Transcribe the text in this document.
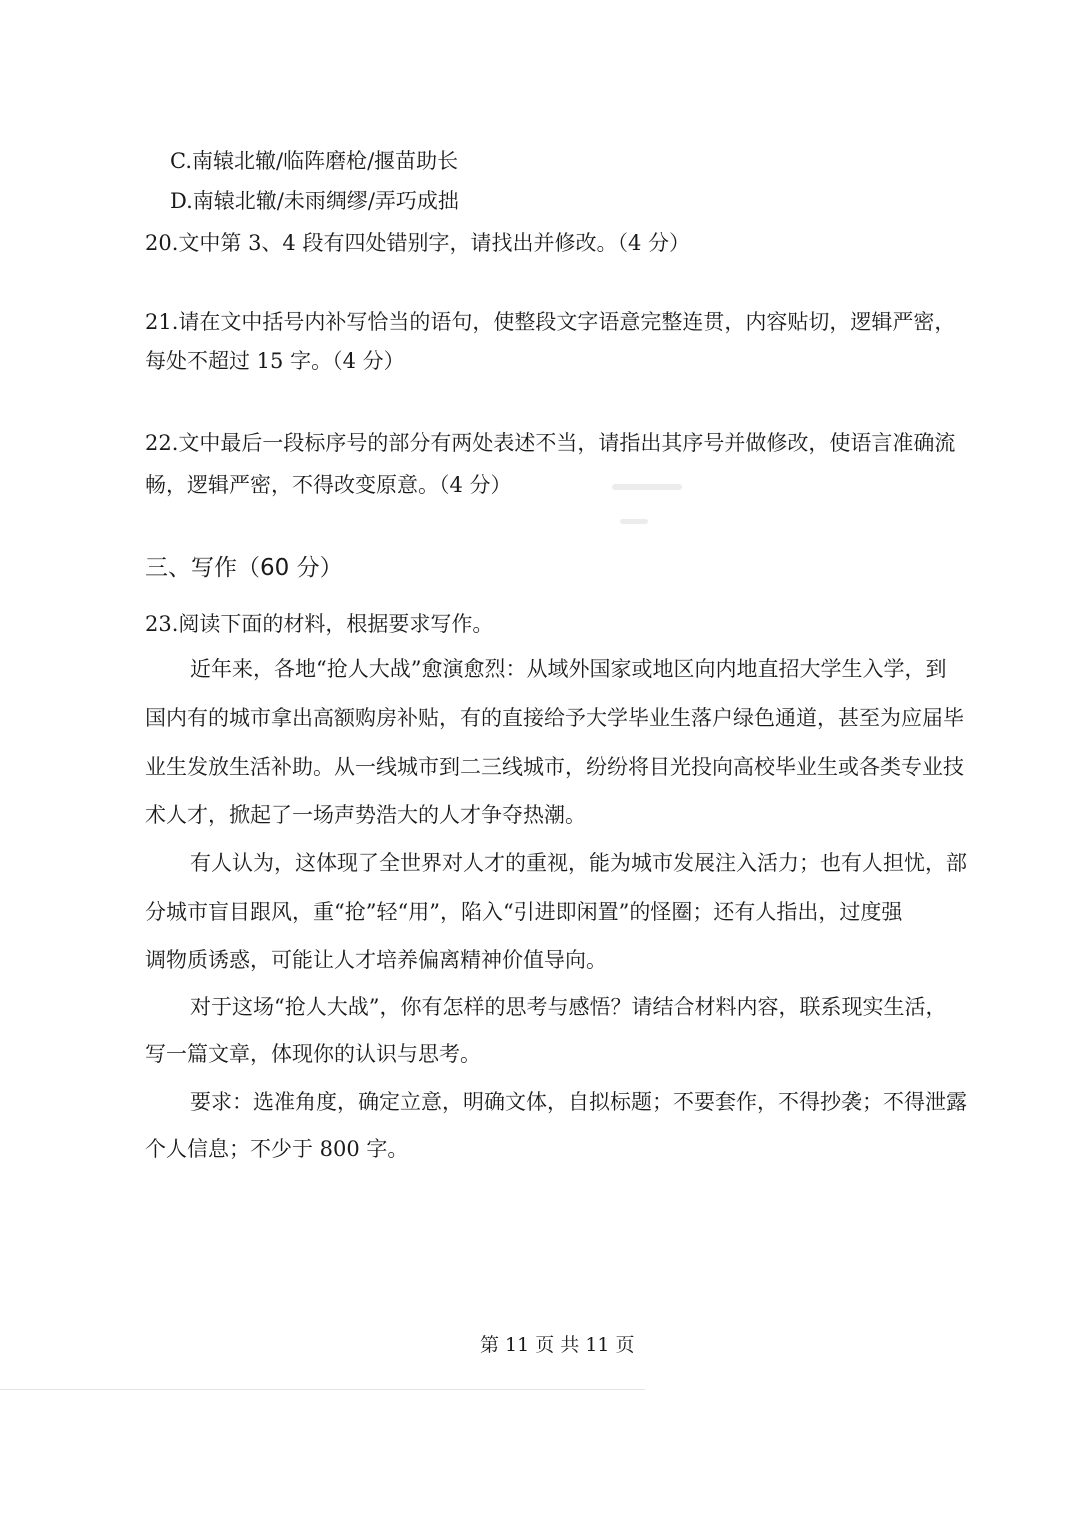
C.南辕北辙/临阵磨枪/揠苗助长
D.南辕北辙/未雨绸缪/弄巧成拙
20.文中第 3、4 段有四处错别字，请找出并修改。（4 分）
21.请在文中括号内补写恰当的语句，使整段文字语意完整连贯，内容贴切，逻辑严密，
每处不超过 15 字。（4 分）
22.文中最后一段标序号的部分有两处表述不当，请指出其序号并做修改，使语言准确流
畅，逻辑严密，不得改变原意。（4 分）
三、写作（60 分）
23.阅读下面的材料，根据要求写作。
近年来，各地“抢人大战”愈演愈烈：从域外国家或地区向内地直招大学生入学，到
国内有的城市拿出高额购房补贴，有的直接给予大学毕业生落户绿色通道，甚至为应届毕
业生发放生活补助。从一线城市到二三线城市，纷纷将目光投向高校毕业生或各类专业技
术人才，掀起了一场声势浩大的人才争夺热潮。
有人认为，这体现了全世界对人才的重视，能为城市发展注入活力；也有人担忧，部
分城市盲目跟风，重“抢”轻“用”，陷入“引进即闲置”的怪圈；还有人指出，过度强
调物质诱惑，可能让人才培养偏离精神价值导向。
对于这场“抢人大战”，你有怎样的思考与感悟？请结合材料内容，联系现实生活，
写一篇文章，体现你的认识与思考。
要求：选准角度，确定立意，明确文体，自拟标题；不要套作，不得抄袭；不得泄露
个人信息；不少于 800 字。
第 11 页 共 11 页
